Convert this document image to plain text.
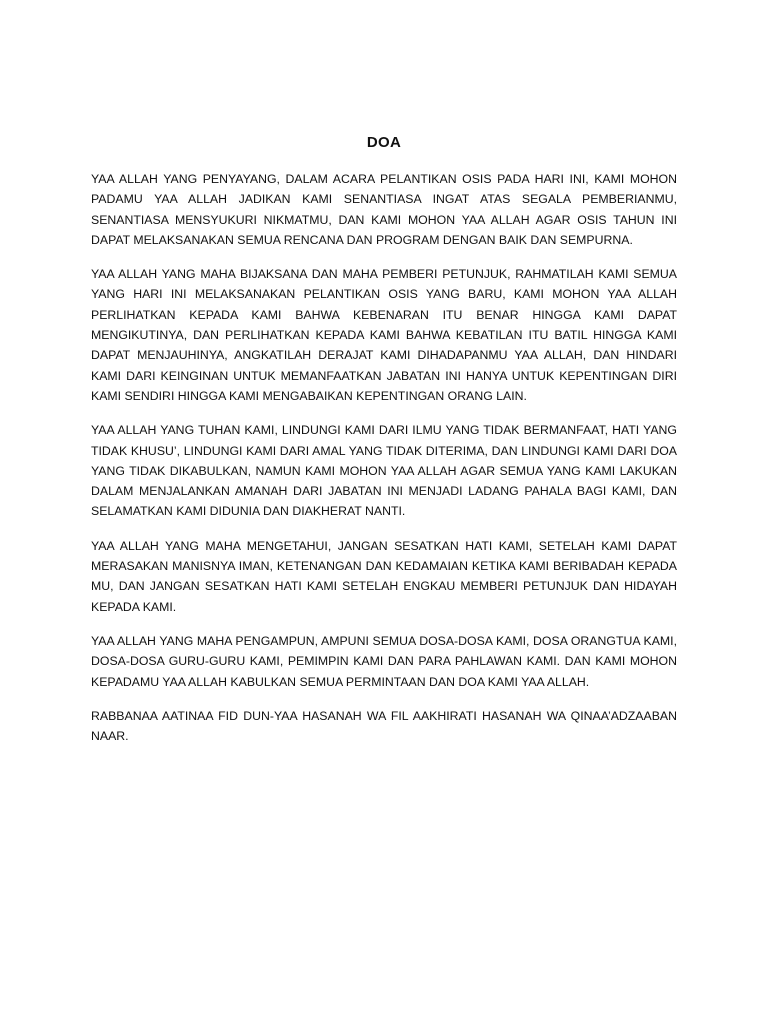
DOA

YAA ALLAH YANG PENYAYANG, DALAM ACARA PELANTIKAN OSIS PADA HARI INI, KAMI MOHON PADAMU YAA ALLAH JADIKAN KAMI SENANTIASA INGAT ATAS SEGALA PEMBERIANMU, SENANTIASA MENSYUKURI NIKMATMU, DAN KAMI MOHON YAA ALLAH AGAR OSIS TAHUN INI DAPAT MELAKSANAKAN SEMUA RENCANA DAN PROGRAM DENGAN BAIK DAN SEMPURNA.

YAA ALLAH YANG MAHA BIJAKSANA DAN MAHA PEMBERI PETUNJUK, RAHMATILAH KAMI SEMUA YANG HARI INI MELAKSANAKAN PELANTIKAN OSIS YANG BARU, KAMI MOHON YAA ALLAH PERLIHATKAN KEPADA KAMI BAHWA KEBENARAN ITU BENAR HINGGA KAMI DAPAT MENGIKUTINYA, DAN PERLIHATKAN KEPADA KAMI BAHWA KEBATILAN ITU BATIL HINGGA KAMI DAPAT MENJAUHINYA, ANGKATILAH DERAJAT KAMI DIHADAPANMU YAA ALLAH, DAN HINDARI KAMI DARI KEINGINAN UNTUK MEMANFAATKAN JABATAN INI HANYA UNTUK KEPENTINGAN DIRI KAMI SENDIRI HINGGA KAMI MENGABAIKAN KEPENTINGAN ORANG LAIN.

YAA ALLAH YANG TUHAN KAMI, LINDUNGI KAMI DARI ILMU YANG TIDAK BERMANFAAT, HATI YANG TIDAK KHUSU’, LINDUNGI KAMI DARI AMAL YANG TIDAK DITERIMA, DAN LINDUNGI KAMI DARI DOA YANG TIDAK DIKABULKAN, NAMUN KAMI MOHON YAA ALLAH AGAR SEMUA YANG KAMI LAKUKAN DALAM MENJALANKAN AMANAH DARI JABATAN INI MENJADI LADANG PAHALA BAGI KAMI, DAN SELAMATKAN KAMI DIDUNIA DAN DIAKHERAT NANTI.

YAA ALLAH YANG MAHA MENGETAHUI, JANGAN SESATKAN HATI KAMI, SETELAH KAMI DAPAT MERASAKAN MANISNYA IMAN, KETENANGAN DAN KEDAMAIAN KETIKA KAMI BERIBADAH KEPADA MU, DAN JANGAN SESATKAN HATI KAMI SETELAH ENGKAU MEMBERI PETUNJUK DAN HIDAYAH KEPADA KAMI.

YAA ALLAH YANG MAHA PENGAMPUN, AMPUNI SEMUA DOSA-DOSA KAMI, DOSA ORANGTUA KAMI, DOSA-DOSA GURU-GURU KAMI, PEMIMPIN KAMI DAN PARA PAHLAWAN KAMI. DAN KAMI MOHON KEPADAMU YAA ALLAH KABULKAN SEMUA PERMINTAAN DAN DOA KAMI YAA ALLAH.

RABBANAA AATINAA FID DUN-YAA HASANAH WA FIL AAKHIRATI HASANAH WA QINAA’ADZAABAN NAAR.
